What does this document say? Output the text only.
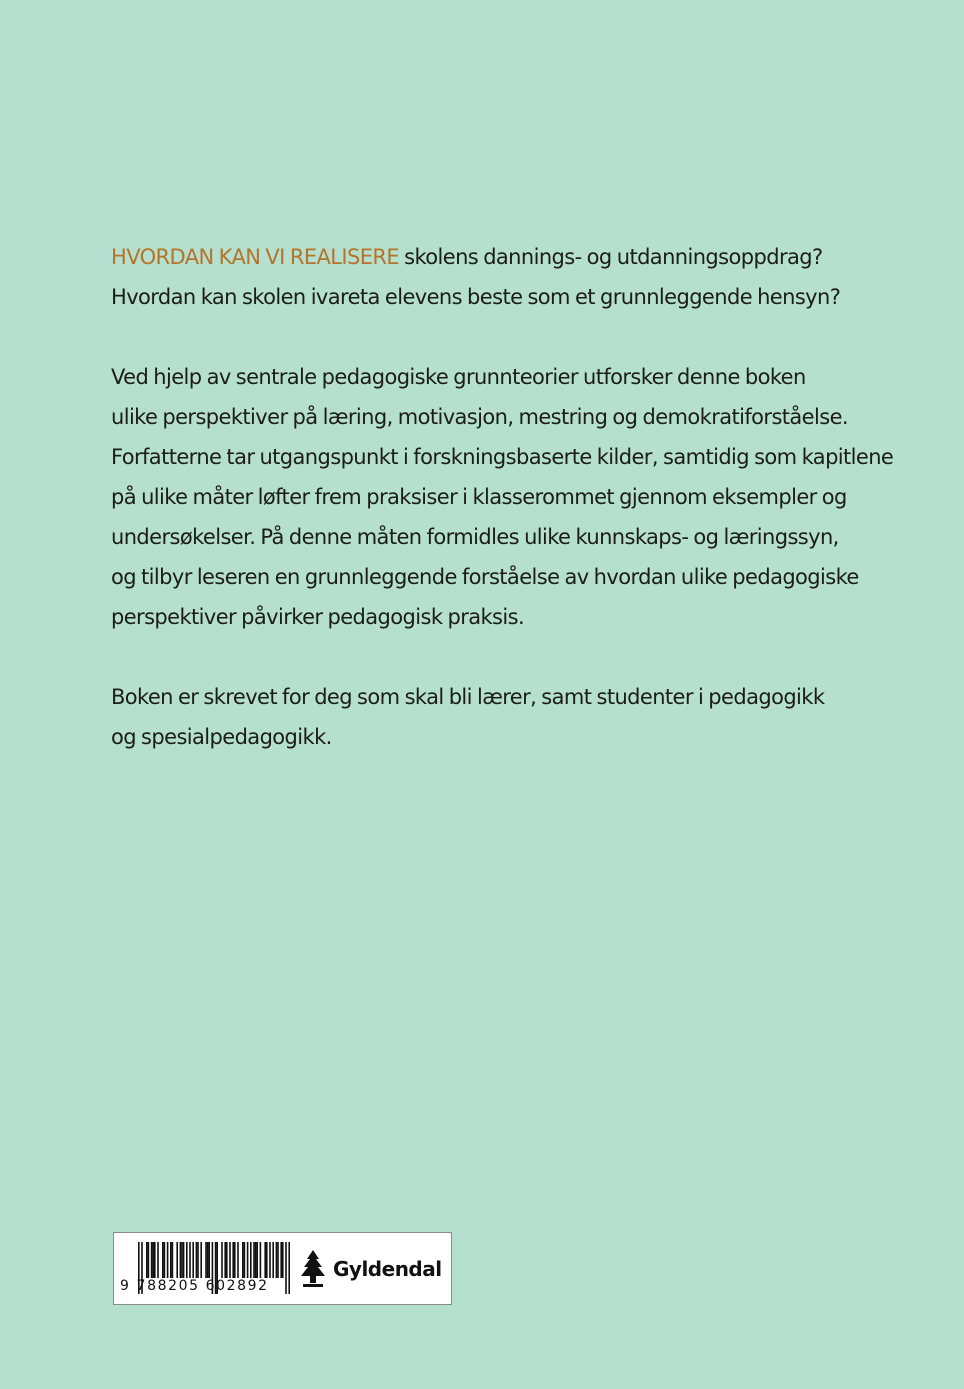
HVORDAN KAN VI REALISERE skolens dannings- og utdanningsoppdrag?
Hvordan kan skolen ivareta elevens beste som et grunnleggende hensyn?

Ved hjelp av sentrale pedagogiske grunnteorier utforsker denne boken
ulike perspektiver på læring, motivasjon, mestring og demokratiforståelse.
Forfatterne tar utgangspunkt i forskningsbaserte kilder, samtidig som kapitlene
på ulike måter løfter frem praksiser i klasserommet gjennom eksempler og
undersøkelser. På denne måten formidles ulike kunnskaps- og læringssyn,
og tilbyr leseren en grunnleggende forståelse av hvordan ulike pedagogiske
perspektiver påvirker pedagogisk praksis.

Boken er skrevet for deg som skal bli lærer, samt studenter i pedagogikk
og spesialpedagogikk.

9 788205 602892
Gyldendal
